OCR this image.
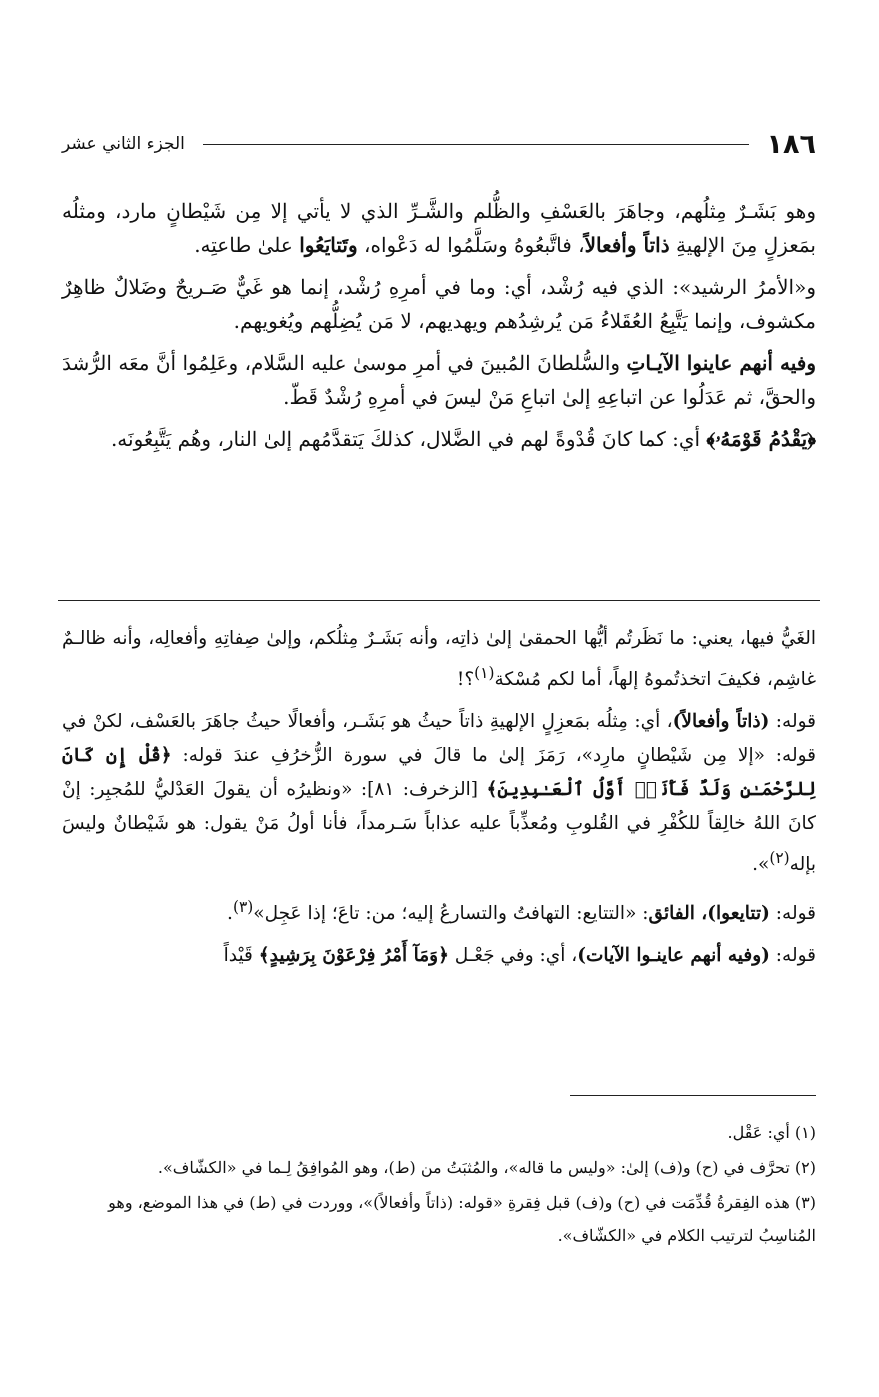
١٨٦
الجزء الثاني عشر

وهو بَشَـرٌ مِثلُهم، وجاهَرَ بالعَسْفِ والظُّلم والشَّـرِّ الذي لا يأتي إلا مِن شَيْطانٍ مارد، ومثلُه بمَعزلٍ مِنَ الإلهيةِ ذاتاً وأفعالاً، فاتَّبعُوهُ وسَلَّمُوا له دَعْواه، وتَتايَعُوا علىٰ طاعتِه.

و«الأمرُ الرشيد»: الذي فيه رُشْد، أي: وما في أمرِهِ رُشْد، إنما هو غَيٌّ صَـريحٌ وضَلالٌ ظاهِرٌ مكشوف، وإنما يَتَّبِعُ العُقَلاءُ مَن يُرشِدُهم ويهديهم، لا مَن يُضِلُّهم ويُغويهم.

وفيه أنهم عاينوا الآيـاتِ والسُّلطانَ المُبينَ في أمرِ موسىٰ عليه السَّلام، وعَلِمُوا أنَّ معَه الرُّشدَ والحقَّ، ثم عَدَلُوا عن اتباعِهِ إلىٰ اتباعِ مَنْ ليسَ في أمرِهِ رُشْدٌ قَطّ.

﴿يَقْدُمُ قَوْمَهُۥ﴾ أي: كما كانَ قُدْوةً لهم في الضَّلال، كذلكَ يَتقدَّمُهم إلىٰ النار، وهُم يَتَّبِعُونَه.

الغَيُّ فيها، يعني: ما نَظَرتُم أيُّها الحمقىٰ إلىٰ ذاتِه، وأنه بَشَـرٌ مِثلُكم، وإلىٰ صِفاتِهِ وأفعالِه، وأنه ظالـمٌ غاشِم، فكيفَ اتخذتُموهُ إلهاً، أما لكم مُسْكة$^{(١)}$؟!

قوله: (ذاتاً وأفعالاً)، أي: مِثلُه بمَعزِلٍ الإلهيةِ ذاتاً حيثُ هو بَشَـر، وأفعالًا حيثُ جاهَرَ بالعَسْف، لكنْ في قوله: «إلا مِن شَيْطانٍ مارِد»، رَمَزَ إلىٰ ما قالَ في سورة الزُّخرُفِ عندَ قوله: ﴿قُلْ إِن كَانَ لِلرَّحْمَـٰنِ وَلَدٌ فَأَنَا۠ أَوَّلُ ٱلْعَـٰبِدِينَ﴾ [الزخرف: ٨١]: «ونظيرُه أن يقولَ العَدْليُّ للمُجبِر: إنْ كانَ اللهُ خالِقاً للكُفْرِ في القُلوبِ ومُعذِّباً عليه عذاباً سَـرمداً، فأنا أولُ مَنْ يقول: هو شَيْطانٌ وليسَ بإله$^{(٢)}$».

قوله: (تتايعوا)، الفائق: «التتايع: التهافتُ والتسارعُ إليه؛ من: تاعَ؛ إذا عَجِل»$^{(٣)}$.

قوله: (وفيه أنهم عاينـوا الآيات)، أي: وفي جَعْـل ﴿وَمَآ أَمْرُ فِرْعَوْنَ بِرَشِيدٍ﴾ قَيْداً

(١) أي: عَقْل.

(٢) تحرَّف في (ح) و(ف) إلىٰ: «وليس ما قاله»، والمُثبَتُ من (ط)، وهو المُوافِقُ لِـما في «الكشّاف».

(٣) هذه الفِقرةُ قُدِّمَت في (ح) و(ف) قبل فِقرةِ «قوله: (ذاتاً وأفعالاً)»، ووردت في (ط) في هذا الموضع، وهو المُناسِبُ لترتيب الكلام في «الكشّاف».
